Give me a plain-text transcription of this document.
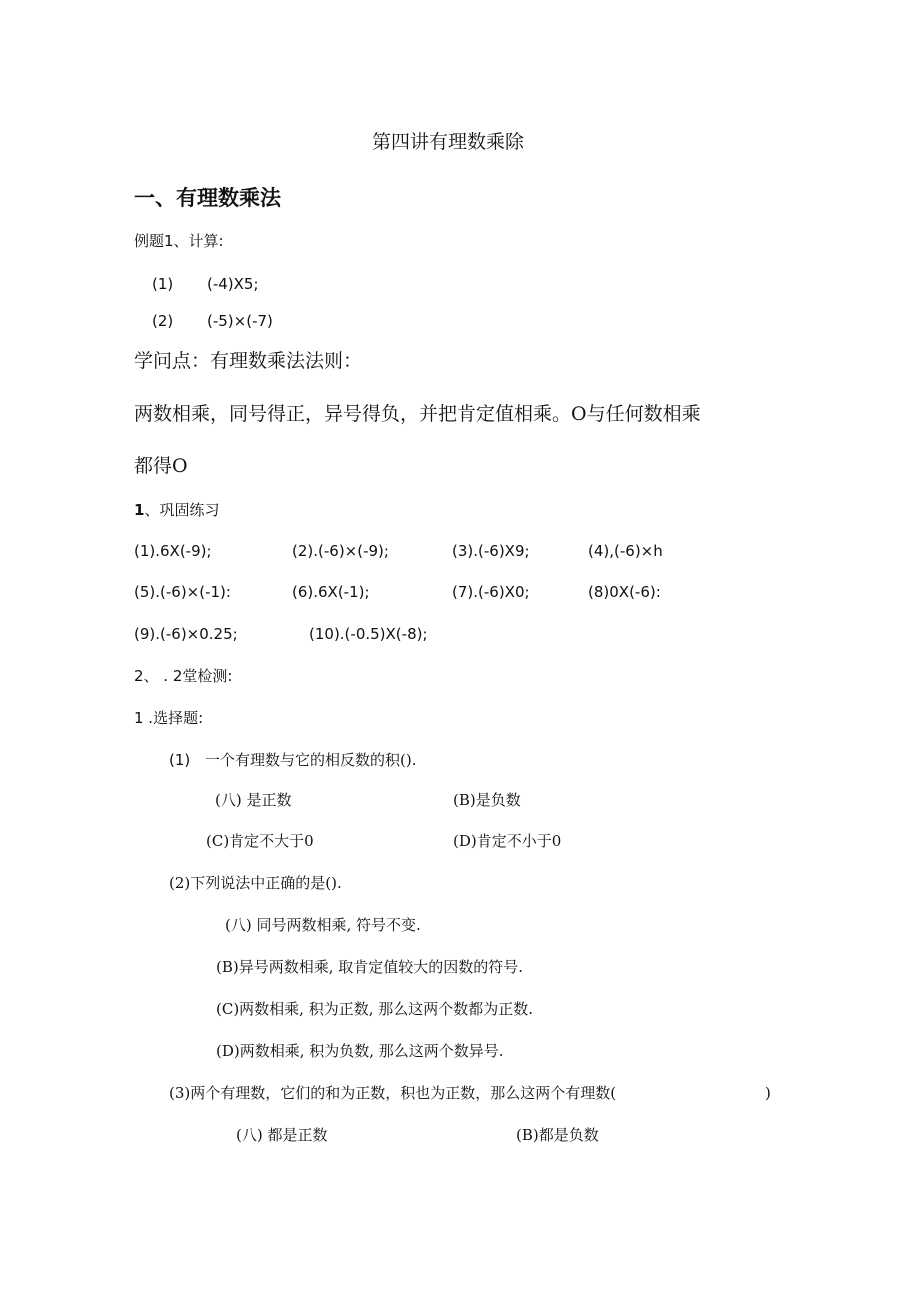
第四讲有理数乘除
一、有理数乘法
例题1、计算:
(1) (-4)X5;
(2) (-5)×(-7)
学问点：有理数乘法法则：
两数相乘，同号得正，异号得负，并把肯定值相乘。O与任何数相乘
都得O
1、巩固练习
(1).6X(-9);	(2).(-6)×(-9);	(3).(-6)X9;	(4),(-6)×h
(5).(-6)×(-1):	(6).6X(-1);	(7).(-6)X0;	(8)0X(-6):
(9).(-6)×0.25;	(10).(-0.5)X(-8);
2、 . 2堂检测:
1 .选择题:
(1) 一个有理数与它的相反数的积().
(八) 是正数	(B)是负数
(C)肯定不大于0	(D)肯定不小于0
(2)下列说法中正确的是().
(八) 同号两数相乘, 符号不变.
(B)异号两数相乘, 取肯定值较大的因数的符号.
(C)两数相乘, 积为正数, 那么这两个数都为正数.
(D)两数相乘, 积为负数, 那么这两个数异号.
(3)两个有理数，它们的和为正数，积也为正数，那么这两个有理数(	)
(八) 都是正数	(B)都是负数
